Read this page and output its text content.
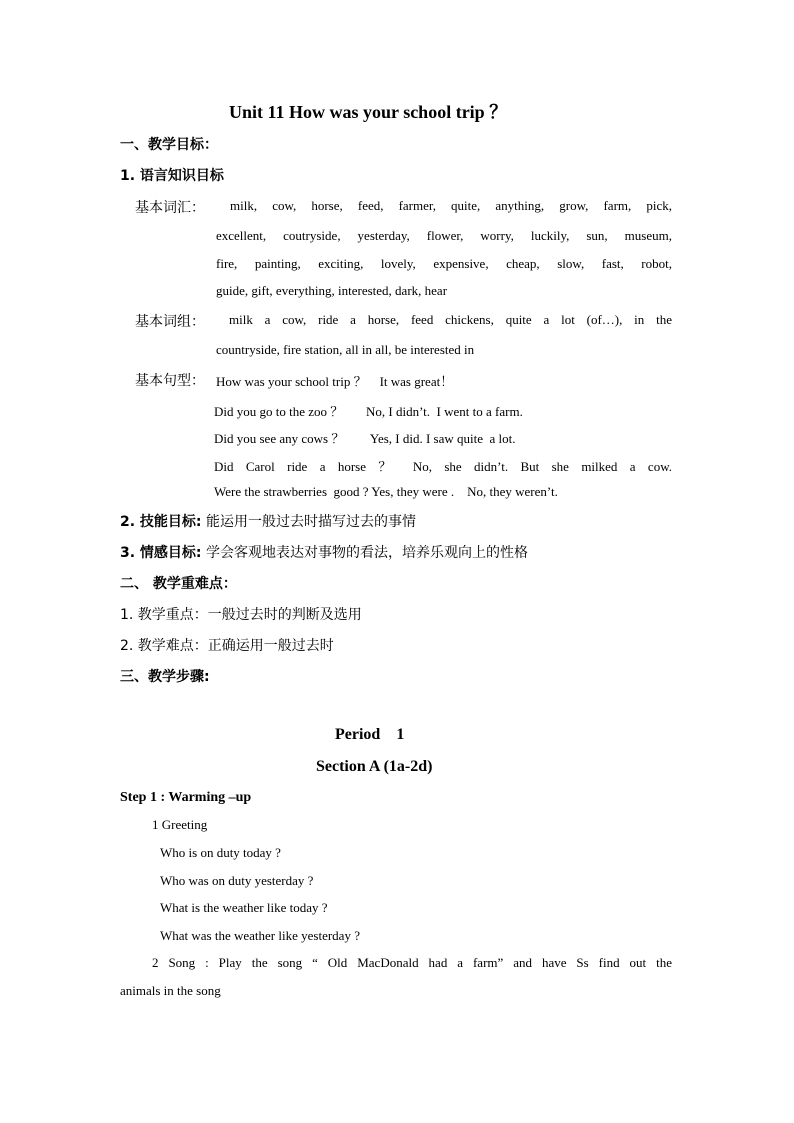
Unit 11 How was your school trip ？
一、教学目标：
1. 语言知识目标
基本词汇： milk, cow, horse, feed, farmer, quite, anything, grow, farm, pick,
excellent, coutryside, yesterday, flower, worry, luckily, sun, museum,
fire, painting, exciting, lovely, expensive, cheap, slow, fast, robot,
guide, gift, everything, interested, dark, hear
基本词组： milk a cow, ride a horse, feed chickens, quite a lot (of…), in the
countryside, fire station, all in all, be interested in
基本句型： How was your school trip ？    It was great！
Did you go to the zoo ？       No, I didn’t.  I went to a farm.
Did you see any cows ？        Yes, I did. I saw quite  a lot.
Did Carol ride a horse ？ No, she didn’t. But she milked a cow.
Were the strawberries  good ? Yes, they were .    No, they weren’t.
2. 技能目标: 能运用一般过去时描写过去的事情
3. 情感目标: 学会客观地表达对事物的看法，培养乐观向上的性格
二、 教学重难点：
1. 教学重点：一般过去时的判断及选用
2. 教学难点：正确运用一般过去时
三、教学步骤:
Period    1
Section A (1a-2d)
Step 1 : Warming –up
1 Greeting
Who is on duty today ?
Who was on duty yesterday ?
What is the weather like today ?
What was the weather like yesterday ?
2 Song : Play the song “ Old MacDonald had a farm” and have Ss find out the
animals in the song
